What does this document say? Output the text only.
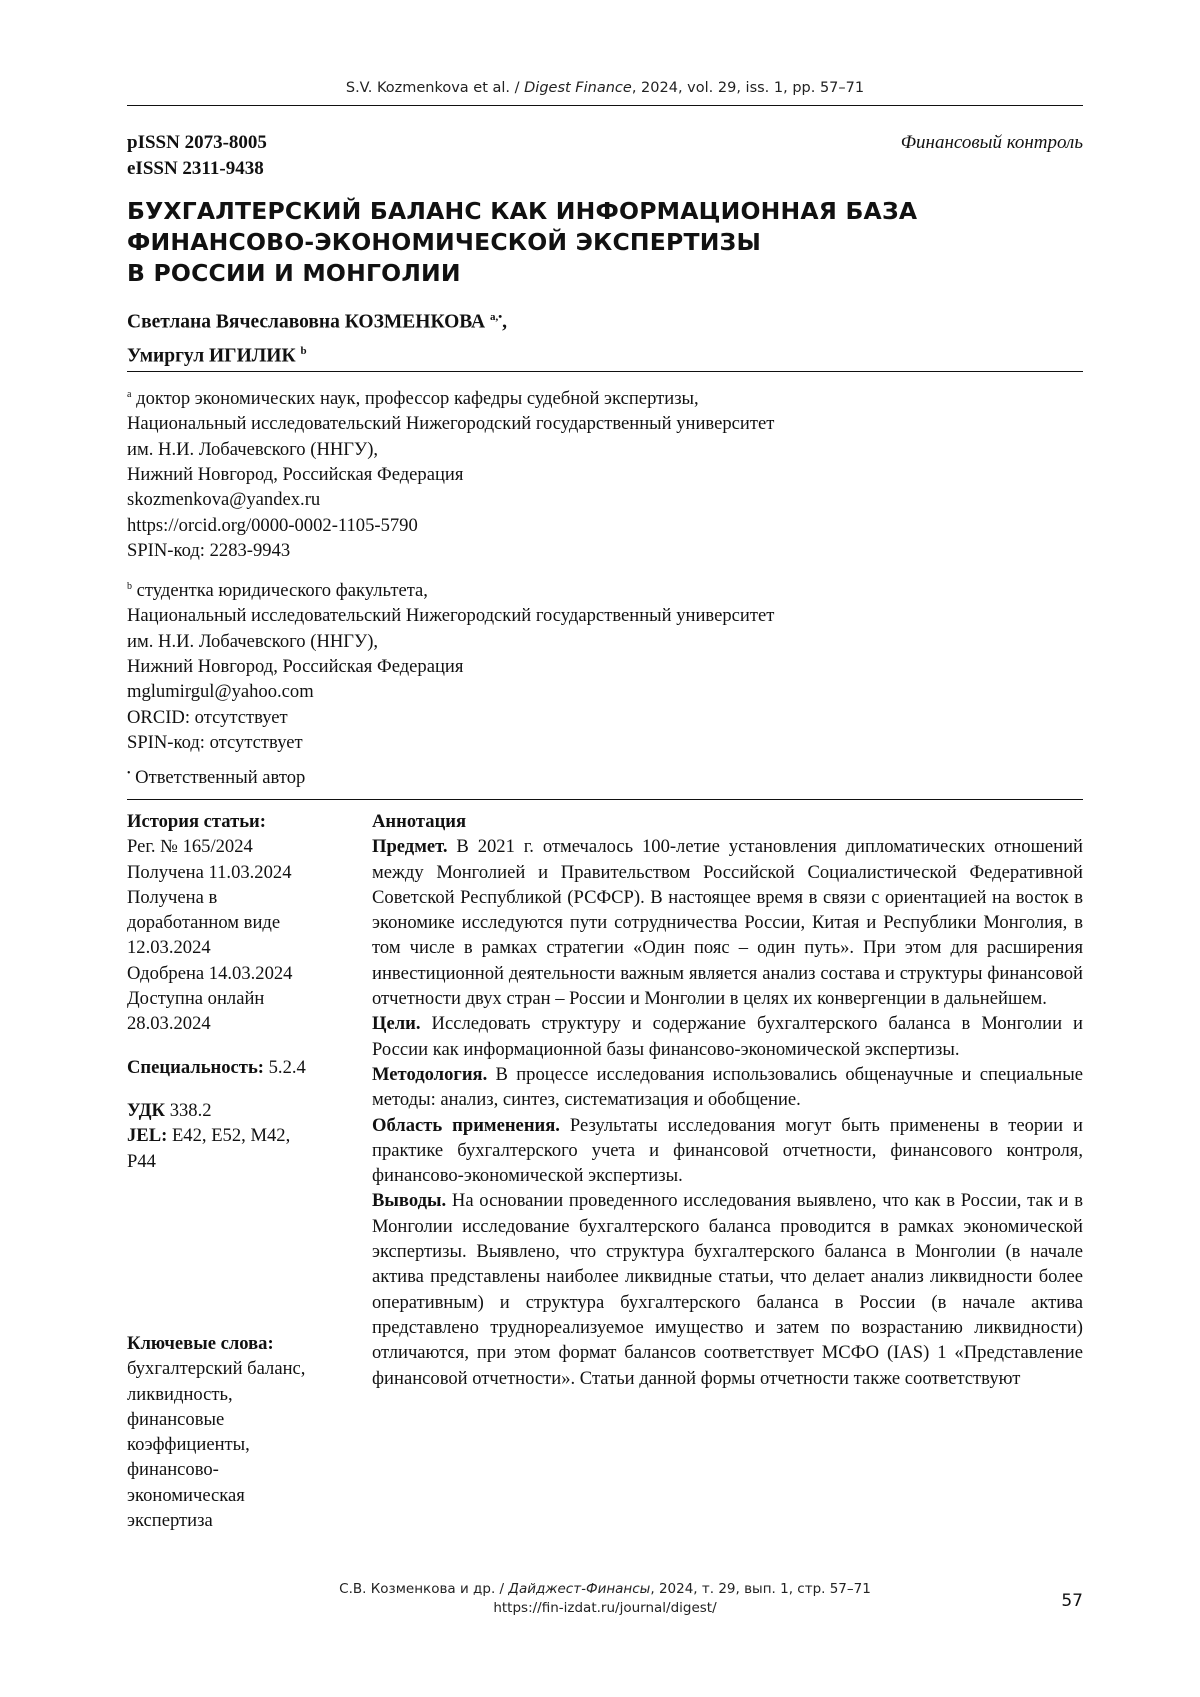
S.V. Kozmenkova et al. / Digest Finance, 2024, vol. 29, iss. 1, pp. 57–71
pISSN 2073-8005
eISSN 2311-9438
Финансовый контроль
БУХГАЛТЕРСКИЙ БАЛАНС КАК ИНФОРМАЦИОННАЯ БАЗА
ФИНАНСОВО-ЭКОНОМИЧЕСКОЙ ЭКСПЕРТИЗЫ
В РОССИИ И МОНГОЛИИ
Светлана Вячеславовна КОЗМЕНКОВА $^{a,•}$,
Умиргул ИГИЛИК $^b$
$^a$ доктор экономических наук, профессор кафедры судебной экспертизы,
Национальный исследовательский Нижегородский государственный университет
им. Н.И. Лобачевского (ННГУ),
Нижний Новгород, Российская Федерация
skozmenkova@yandex.ru
https://orcid.org/0000-0002-1105-5790
SPIN-код: 2283-9943
$^b$ студентка юридического факультета,
Национальный исследовательский Нижегородский государственный университет
им. Н.И. Лобачевского (ННГУ),
Нижний Новгород, Российская Федерация
mglumirgul@yahoo.com
ORCID: отсутствует
SPIN-код: отсутствует
• Ответственный автор

История статьи:

Рег. № 165/2024

Получена 11.03.2024

Получена в

доработанном виде

12.03.2024

Одобрена 14.03.2024

Доступна онлайн

28.03.2024

Специальность: 5.2.4

УДК 338.2

JEL: E42, E52, M42,

P44

Ключевые слова:

бухгалтерский баланс,

ликвидность,

финансовые

коэффициенты,

финансово-

экономическая

экспертиза

Аннотация

Предмет. В 2021 г. отмечалось 100-летие установления дипломатических отношений между Монголией и Правительством Российской Социалистической Федеративной Советской Республикой (РСФСР). В настоящее время в связи с ориентацией на восток в экономике исследуются пути сотрудничества России, Китая и Республики Монголия, в том числе в рамках стратегии «Один пояс – один путь». При этом для расширения инвестиционной деятельности важным является анализ состава и структуры финансовой отчетности двух стран – России и Монголии в целях их конвергенции в дальнейшем.

Цели. Исследовать структуру и содержание бухгалтерского баланса в Монголии и России как информационной базы финансово-экономической экспертизы.

Методология. В процессе исследования использовались общенаучные и специальные методы: анализ, синтез, систематизация и обобщение.

Область применения. Результаты исследования могут быть применены в теории и практике бухгалтерского учета и финансовой отчетности, финансового контроля, финансово-экономической экспертизы.

Выводы. На основании проведенного исследования выявлено, что как в России, так и в Монголии исследование бухгалтерского баланса проводится в рамках экономической экспертизы. Выявлено, что структура бухгалтерского баланса в Монголии (в начале актива представлены наиболее ликвидные статьи, что делает анализ ликвидности более оперативным) и структура бухгалтерского баланса в России (в начале актива представлено труднореализуемое имущество и затем по возрастанию ликвидности) отличаются, при этом формат балансов соответствует МСФО (IAS) 1 «Представление финансовой отчетности». Статьи данной формы отчетности также соответствуют

С.В. Козменкова и др. / Дайджест-Финансы, 2024, т. 29, вып. 1, стр. 57–71
https://fin-izdat.ru/journal/digest/	57
